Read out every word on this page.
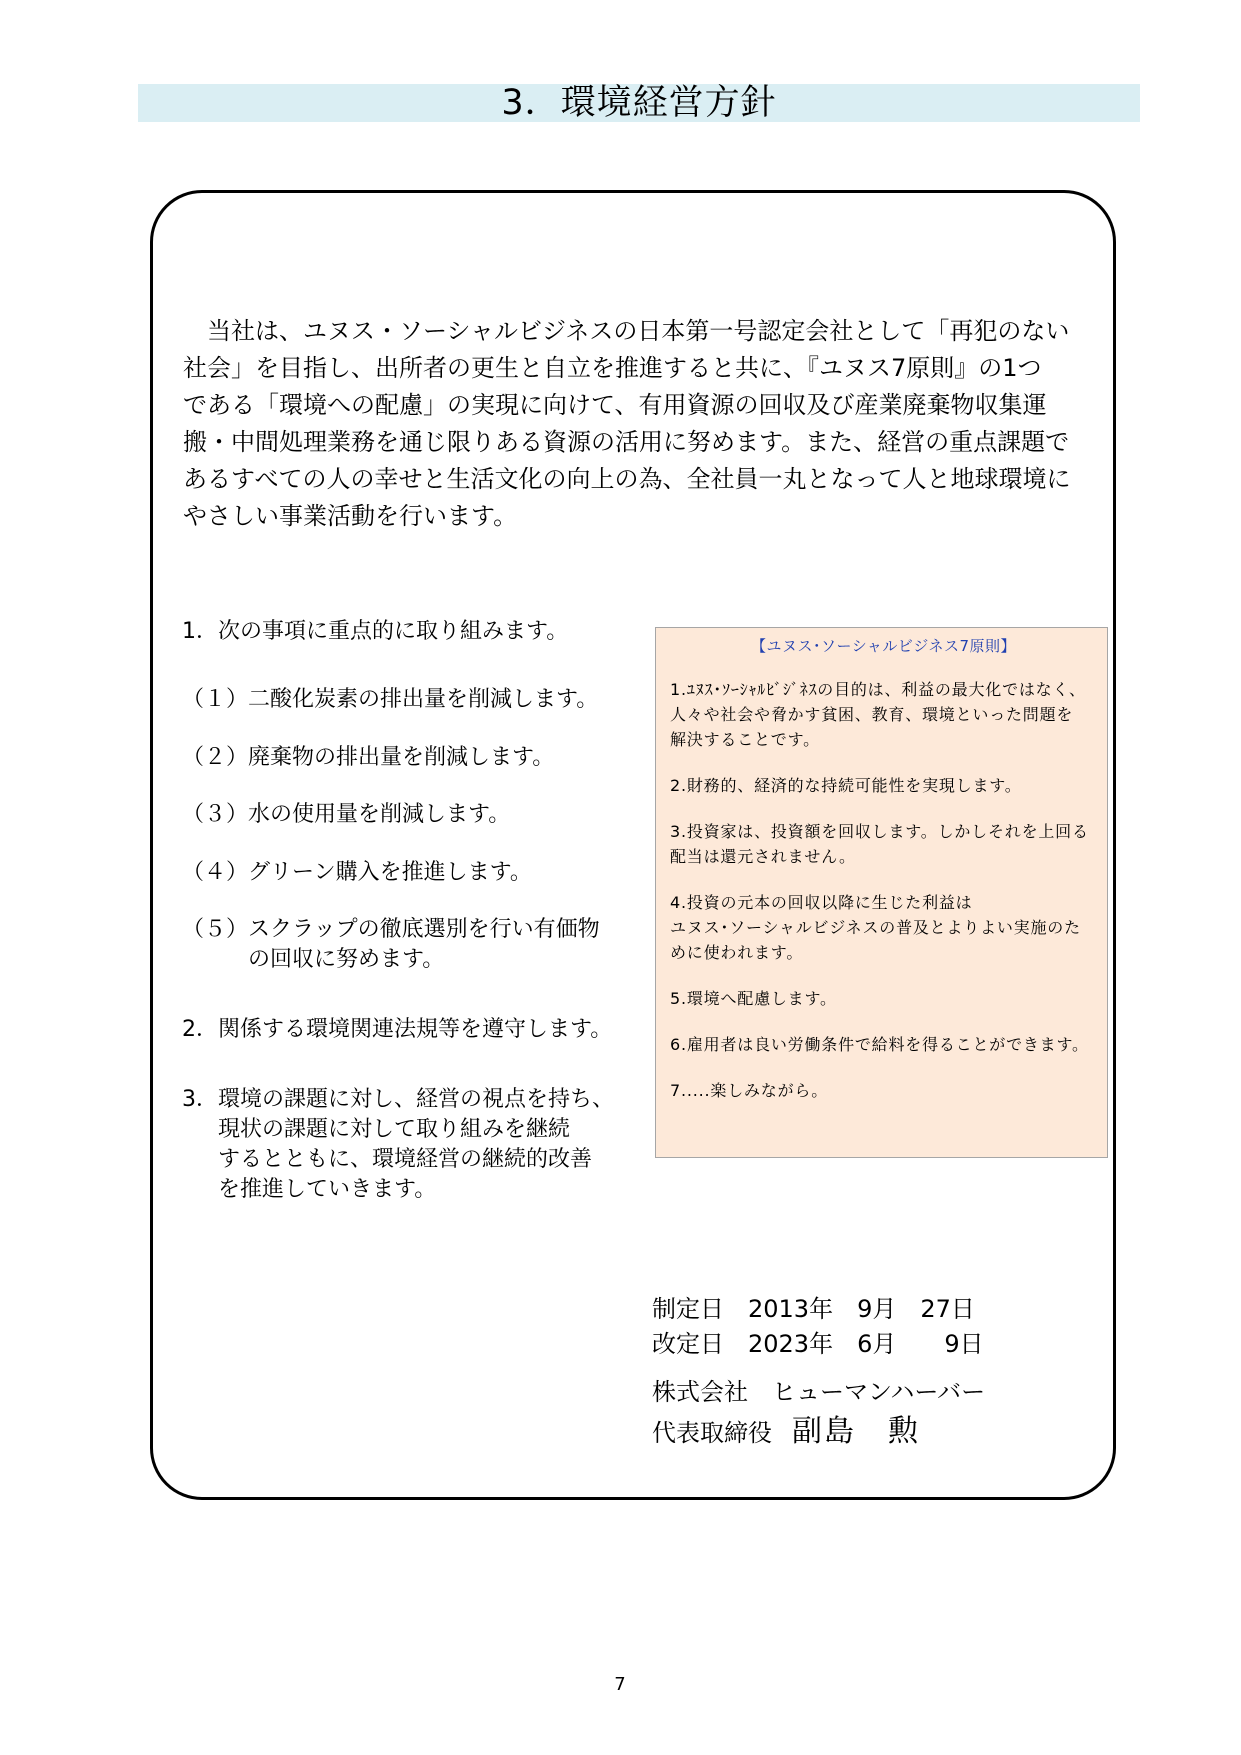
3．環境経営方針
　当社は、ユヌス・ソーシャルビジネスの日本第一号認定会社として「再犯のない
社会」を目指し、出所者の更生と自立を推進すると共に、『ユヌス7原則』の1つ
である「環境への配慮」の実現に向けて、有用資源の回収及び産業廃棄物収集運
搬・中間処理業務を通じ限りある資源の活用に努めます。また、経営の重点課題で
あるすべての人の幸せと生活文化の向上の為、全社員一丸となって人と地球環境に
やさしい事業活動を行います。
1． 次の事項に重点的に取り組みます。
（１） 二酸化炭素の排出量を削減します。
（２） 廃棄物の排出量を削減します。
（３） 水の使用量を削減します。
（４） グリーン購入を推進します。
（５） スクラップの徹底選別を行い有価物
の回収に努めます。
2． 関係する環境関連法規等を遵守します。
3． 環境の課題に対し、経営の視点を持ち、
現状の課題に対して取り組みを継続
するとともに、環境経営の継続的改善
を推進していきます。
【ユヌス･ソーシャルビジネス7原則】
1.ﾕﾇｽ･ｿｰｼｬﾙﾋﾞｼﾞﾈｽの目的は、利益の最大化ではなく、
人々や社会や脅かす貧困、教育、環境といった問題を
解決することです。
2.財務的、経済的な持続可能性を実現します。
3.投資家は、投資額を回収します。しかしそれを上回る
配当は還元されません。
4.投資の元本の回収以降に生じた利益は
ユヌス･ソーシャルビジネスの普及とよりよい実施のた
めに使われます。
5.環境へ配慮します。
6.雇用者は良い労働条件で給料を得ることができます。
7.....楽しみながら。
制定日　2013年　9月　27日
改定日　2023年　6月　　9日
株式会社　ヒューマンハーバー
代表取締役 副島　勲
7
